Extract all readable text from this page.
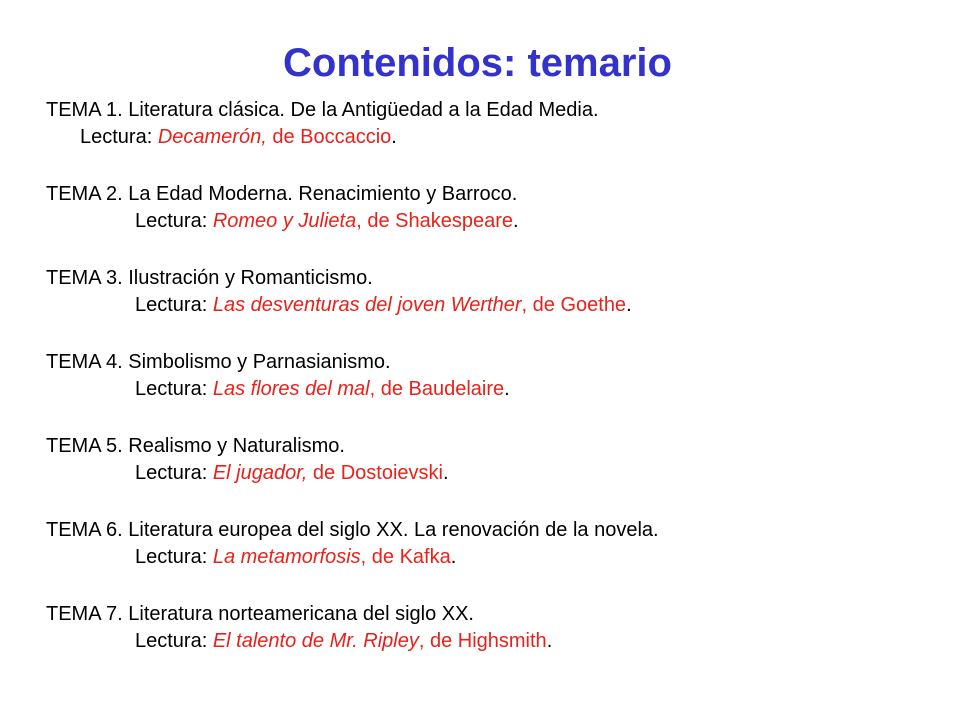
Contenidos: temario
TEMA 1. Literatura clásica. De la Antigüedad a la Edad Media.
Lectura: Decamerón, de Boccaccio.
TEMA 2. La Edad Moderna. Renacimiento y Barroco.
Lectura: Romeo y Julieta, de Shakespeare.
TEMA 3. Ilustración y Romanticismo.
Lectura: Las desventuras del joven Werther, de Goethe.
TEMA 4. Simbolismo y Parnasianismo.
Lectura: Las flores del mal, de Baudelaire.
TEMA 5. Realismo y Naturalismo.
Lectura: El jugador, de Dostoievski.
TEMA 6. Literatura europea del siglo XX. La renovación de la novela.
Lectura: La metamorfosis, de Kafka.
TEMA 7. Literatura norteamericana del siglo XX.
Lectura: El talento de Mr. Ripley, de Highsmith.
